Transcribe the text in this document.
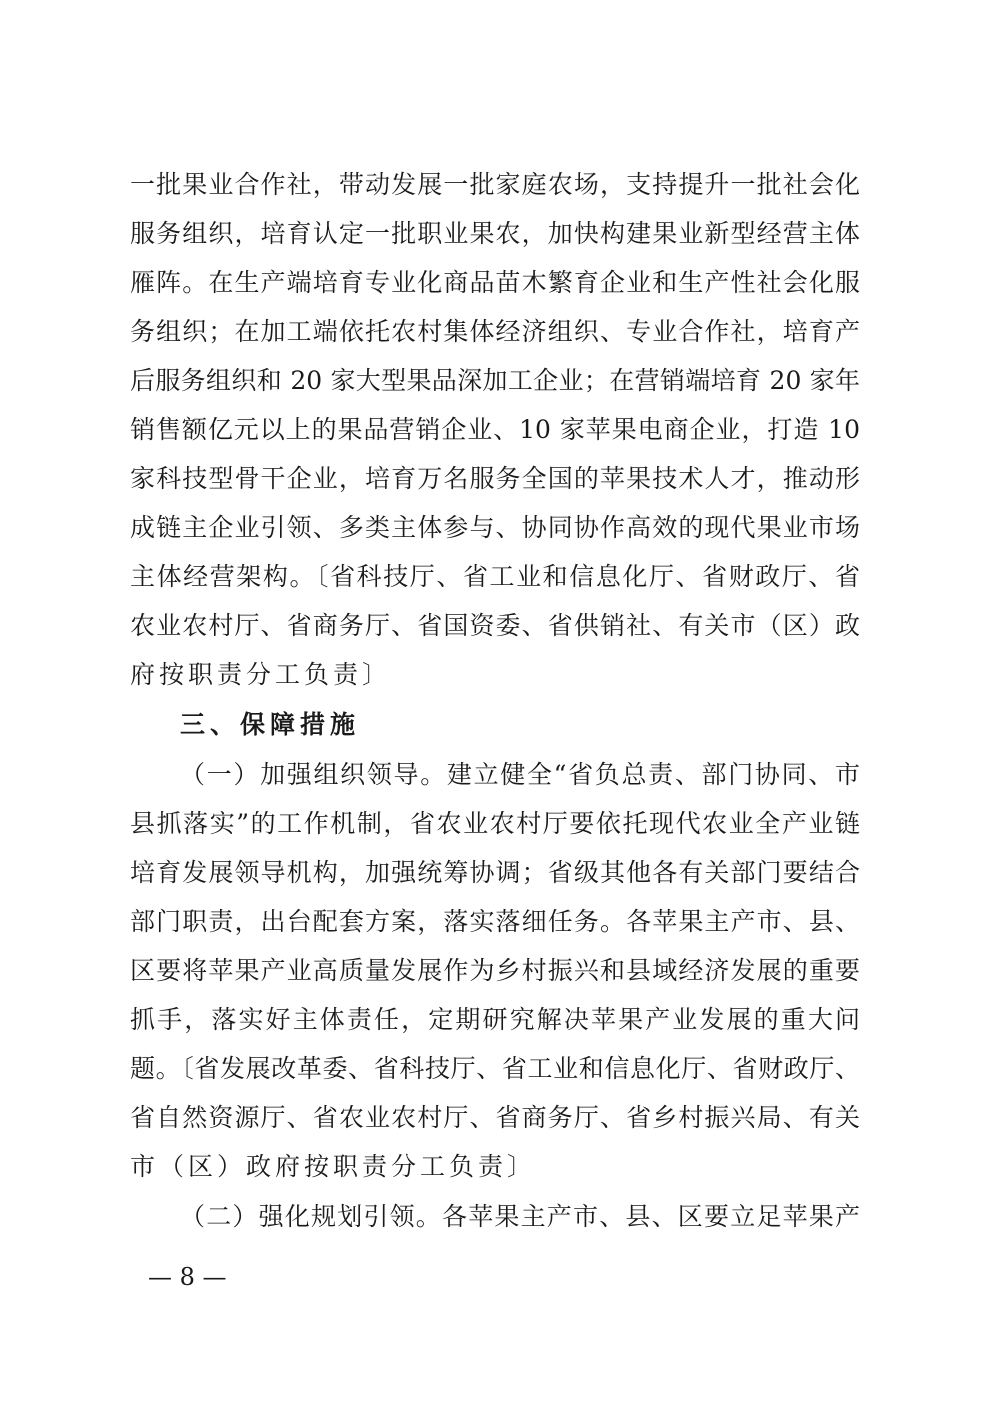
一批果业合作社，带动发展一批家庭农场，支持提升一批社会化
服务组织，培育认定一批职业果农，加快构建果业新型经营主体
雁阵。在生产端培育专业化商品苗木繁育企业和生产性社会化服
务组织；在加工端依托农村集体经济组织、专业合作社，培育产
后服务组织和 20 家大型果品深加工企业；在营销端培育 20 家年
销售额亿元以上的果品营销企业、10 家苹果电商企业，打造 10
家科技型骨干企业，培育万名服务全国的苹果技术人才，推动形
成链主企业引领、多类主体参与、协同协作高效的现代果业市场
主体经营架构。〔省科技厅、省工业和信息化厅、省财政厅、省
农业农村厅、省商务厅、省国资委、省供销社、有关市（区）政
府按职责分工负责〕
三、保障措施
（一）加强组织领导。建立健全“省负总责、部门协同、市
县抓落实”的工作机制，省农业农村厅要依托现代农业全产业链
培育发展领导机构，加强统筹协调；省级其他各有关部门要结合
部门职责，出台配套方案，落实落细任务。各苹果主产市、县、
区要将苹果产业高质量发展作为乡村振兴和县域经济发展的重要
抓手，落实好主体责任，定期研究解决苹果产业发展的重大问
题。〔省发展改革委、省科技厅、省工业和信息化厅、省财政厅、
省自然资源厅、省农业农村厅、省商务厅、省乡村振兴局、有关
市（区）政府按职责分工负责〕
（二）强化规划引领。各苹果主产市、县、区要立足苹果产
— 8 —
